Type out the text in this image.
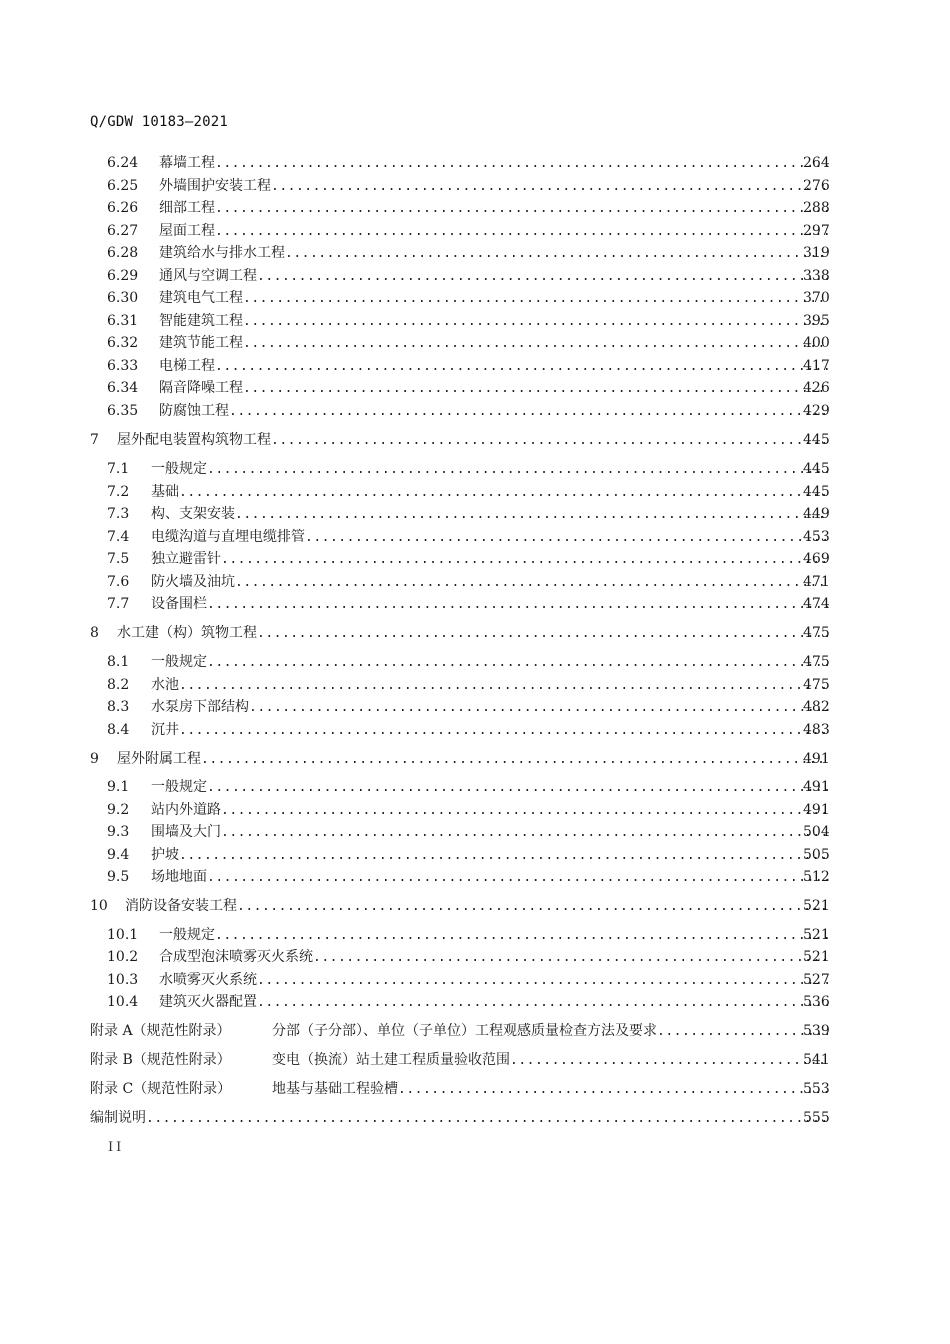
Q/GDW 10183—2021
6.24 幕墙工程 .....	264
6.25 外墙围护安装工程 .....	276
6.26 细部工程 .....	288
6.27 屋面工程 .....	297
6.28 建筑给水与排水工程 .....	319
6.29 通风与空调工程 .....	338
6.30 建筑电气工程 .....	370
6.31 智能建筑工程 .....	395
6.32 建筑节能工程 .....	400
6.33 电梯工程 .....	417
6.34 隔音降噪工程 .....	426
6.35 防腐蚀工程 .....	429
7 屋外配电装置构筑物工程 .....	445
7.1 一般规定 .....	445
7.2 基础 .....	445
7.3 构、支架安装 .....	449
7.4 电缆沟道与直埋电缆排管 .....	453
7.5 独立避雷针 .....	469
7.6 防火墙及油坑 .....	471
7.7 设备围栏 .....	474
8 水工建（构）筑物工程 .....	475
8.1 一般规定 .....	475
8.2 水池 .....	475
8.3 水泵房下部结构 .....	482
8.4 沉井 .....	483
9 屋外附属工程 .....	491
9.1 一般规定 .....	491
9.2 站内外道路 .....	491
9.3 围墙及大门 .....	504
9.4 护坡 .....	505
9.5 场地地面 .....	512
10 消防设备安装工程 .....	521
10.1 一般规定 .....	521
10.2 合成型泡沫喷雾灭火系统 .....	521
10.3 水喷雾灭火系统 .....	527
10.4 建筑灭火器配置 .....	536
附录 A（规范性附录）	分部（子分部）、单位（子单位）工程观感质量检查方法及要求 .....	539
附录 B（规范性附录）	变电（换流）站土建工程质量验收范围 .....	541
附录 C（规范性附录）	地基与基础工程验槽 .....	553
编制说明 .....	555
II
